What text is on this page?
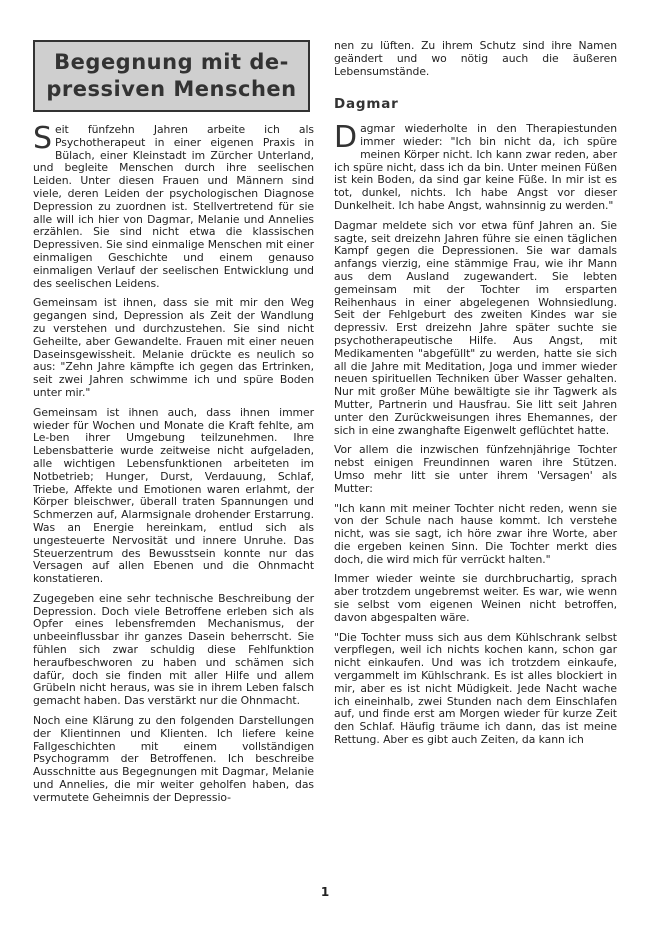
Begegnung mit de-
pressiven Menschen

Seit fünfzehn Jahren arbeite ich als Psychotherapeut in einer eigenen Praxis in Bülach, einer Kleinstadt im Zürcher Unterland, und begleite Menschen durch ihre seelischen Leiden. Unter diesen Frauen und Männern sind viele, deren Leiden der psychologischen Diagnose Depression zu zuordnen ist. Stellvertretend für sie alle will ich hier von Dagmar, Melanie und Annelies erzählen. Sie sind nicht etwa die klassischen Depressiven. Sie sind einmalige Menschen mit einer einmaligen Geschichte und einem genauso einmaligen Verlauf der seelischen Entwicklung und des seelischen Leidens.

Gemeinsam ist ihnen, dass sie mit mir den Weg gegangen sind, Depression als Zeit der Wandlung zu verstehen und durchzustehen. Sie sind nicht Geheilte, aber Gewandelte. Frauen mit einer neuen Daseinsgewissheit. Melanie drückte es neulich so aus: "Zehn Jahre kämpfte ich gegen das Ertrinken, seit zwei Jahren schwimme ich und spüre Boden unter mir."

Gemeinsam ist ihnen auch, dass ihnen immer wieder für Wochen und Monate die Kraft fehlte, am Le-ben ihrer Umgebung teilzunehmen. Ihre Lebensbatterie wurde zeitweise nicht aufgeladen, alle wichtigen Lebensfunktionen arbeiteten im Notbetrieb; Hunger, Durst, Verdauung, Schlaf, Triebe, Affekte und Emotionen waren erlahmt, der Körper bleischwer, überall traten Spannungen und Schmerzen auf, Alarmsignale drohender Erstarrung. Was an Energie hereinkam, entlud sich als ungesteuerte Nervosität und innere Unruhe. Das Steuerzentrum des Bewusstsein konnte nur das Versagen auf allen Ebenen und die Ohnmacht konstatieren.

Zugegeben eine sehr technische Beschreibung der Depression. Doch viele Betroffene erleben sich als Opfer eines lebensfremden Mechanismus, der unbeeinflussbar ihr ganzes Dasein beherrscht. Sie fühlen sich zwar schuldig diese Fehlfunktion heraufbeschworen zu haben und schämen sich dafür, doch sie finden mit aller Hilfe und allem Grübeln nicht heraus, was sie in ihrem Leben falsch gemacht haben. Das verstärkt nur die Ohnmacht.

Noch eine Klärung zu den folgenden Darstellungen der Klientinnen und Klienten. Ich liefere keine Fallgeschichten mit einem vollständigen Psychogramm der Betroffenen. Ich beschreibe Ausschnitte aus Begegnungen mit Dagmar, Melanie und Annelies, die mir weiter geholfen haben, das vermutete Geheimnis der Depressio-

nen zu lüften. Zu ihrem Schutz sind ihre Namen geändert und wo nötig auch die äußeren Lebensumstände.

Dagmar

Dagmar wiederholte in den Therapiestunden immer wieder: "Ich bin nicht da, ich spüre meinen Körper nicht. Ich kann zwar reden, aber ich spüre nicht, dass ich da bin. Unter meinen Füßen ist kein Boden, da sind gar keine Füße. In mir ist es tot, dunkel, nichts. Ich habe Angst vor dieser Dunkelheit. Ich habe Angst, wahnsinnig zu werden."

Dagmar meldete sich vor etwa fünf Jahren an. Sie sagte, seit dreizehn Jahren führe sie einen täglichen Kampf gegen die Depressionen. Sie war damals anfangs vierzig, eine stämmige Frau, wie ihr Mann aus dem Ausland zugewandert. Sie lebten gemeinsam mit der Tochter im ersparten Reihenhaus in einer abgelegenen Wohnsiedlung. Seit der Fehlgeburt des zweiten Kindes war sie depressiv. Erst dreizehn Jahre später suchte sie psychotherapeutische Hilfe. Aus Angst, mit Medikamenten "abgefüllt" zu werden, hatte sie sich all die Jahre mit Meditation, Joga und immer wieder neuen spirituellen Techniken über Wasser gehalten. Nur mit großer Mühe bewältigte sie ihr Tagwerk als Mutter, Partnerin und Hausfrau. Sie litt seit Jahren unter den Zurückweisungen ihres Ehemannes, der sich in eine zwanghafte Eigenwelt geflüchtet hatte.

Vor allem die inzwischen fünfzehnjährige Tochter nebst einigen Freundinnen waren ihre Stützen. Umso mehr litt sie unter ihrem 'Versagen' als Mutter:

"Ich kann mit meiner Tochter nicht reden, wenn sie von der Schule nach hause kommt. Ich verstehe nicht, was sie sagt, ich höre zwar ihre Worte, aber die ergeben keinen Sinn. Die Tochter merkt dies doch, die wird mich für verrückt halten."

Immer wieder weinte sie durchbruchartig, sprach aber trotzdem ungebremst weiter. Es war, wie wenn sie selbst vom eigenen Weinen nicht betroffen, davon abgespalten wäre.

"Die Tochter muss sich aus dem Kühlschrank selbst verpflegen, weil ich nichts kochen kann, schon gar nicht einkaufen. Und was ich trotzdem einkaufe, vergammelt im Kühlschrank. Es ist alles blockiert in mir, aber es ist nicht Müdigkeit. Jede Nacht wache ich eineinhalb, zwei Stunden nach dem Einschlafen auf, und finde erst am Morgen wieder für kurze Zeit den Schlaf. Häufig träume ich dann, das ist meine Rettung. Aber es gibt auch Zeiten, da kann ich

1
